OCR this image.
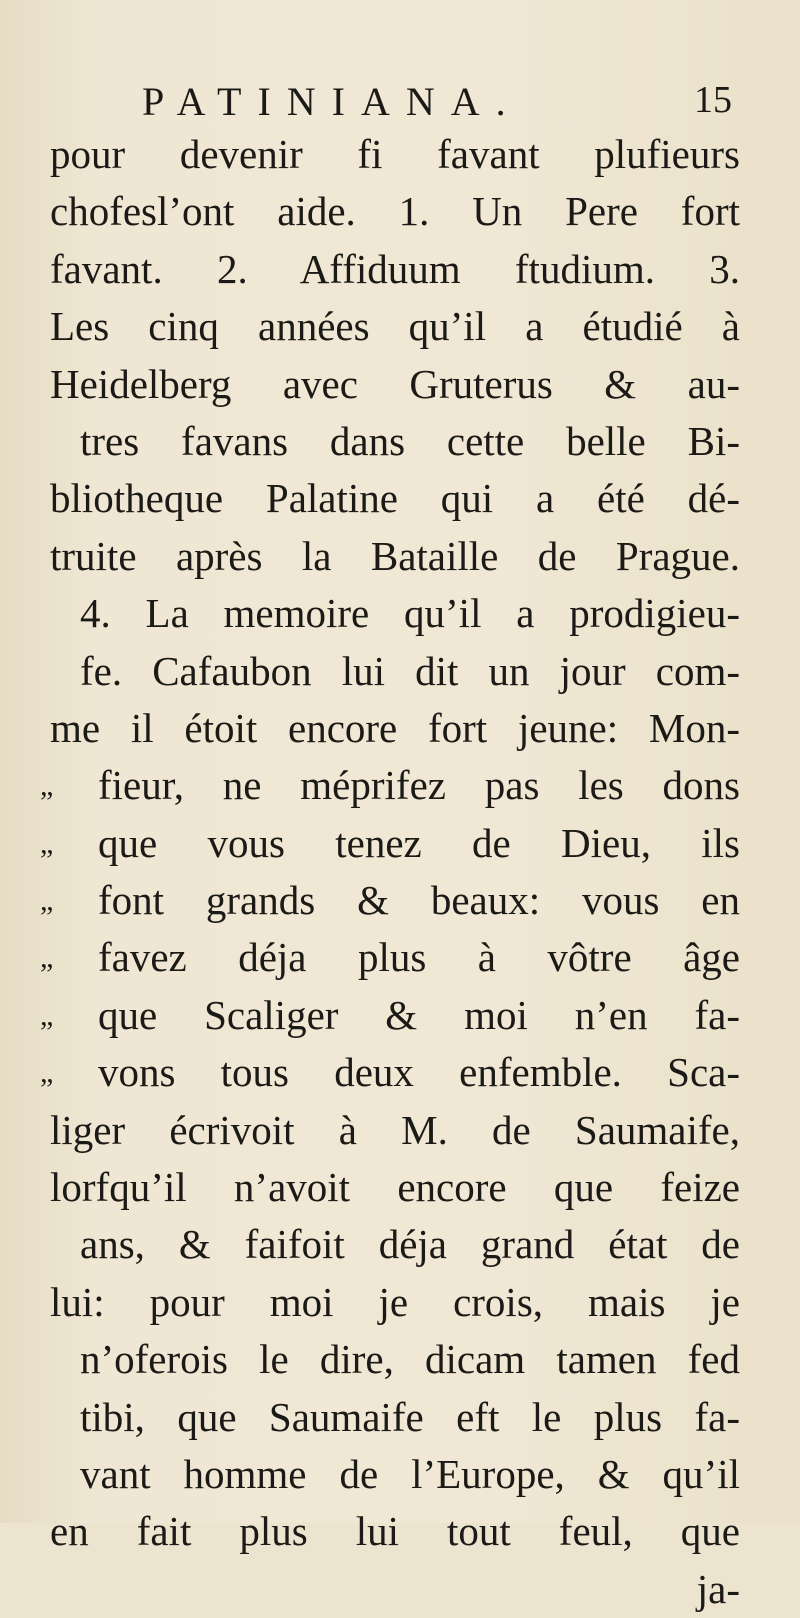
PATINIANA.	15
pour devenir fi favant plufieurs
chofesl’ont aide. 1. Un Pere fort
favant. 2. Affiduum ftudium. 3.
Les cinq années qu’il a étudié à
Heidelberg avec Gruterus & au-
tres favans dans cette belle Bi-
bliotheque Palatine qui a été dé-
truite après la Bataille de Prague.
4. La memoire qu’il a prodigieu-
fe. Cafaubon lui dit un jour com-
me il étoit encore fort jeune: Mon-
„	fieur, ne méprifez pas les dons
„	que vous tenez de Dieu, ils
„	font grands & beaux: vous en
„	favez déja plus à vôtre âge
„	que Scaliger & moi n’en fa-
„	vons tous deux enfemble. Sca-
liger écrivoit à M. de Saumaife,
lorfqu’il n’avoit encore que feize
ans, & faifoit déja grand état de
lui: pour moi je crois, mais je
n’oferois le dire, dicam tamen fed
tibi, que Saumaife eft le plus fa-
vant homme de l’Europe, & qu’il
en fait plus lui tout feul, que
ja-
